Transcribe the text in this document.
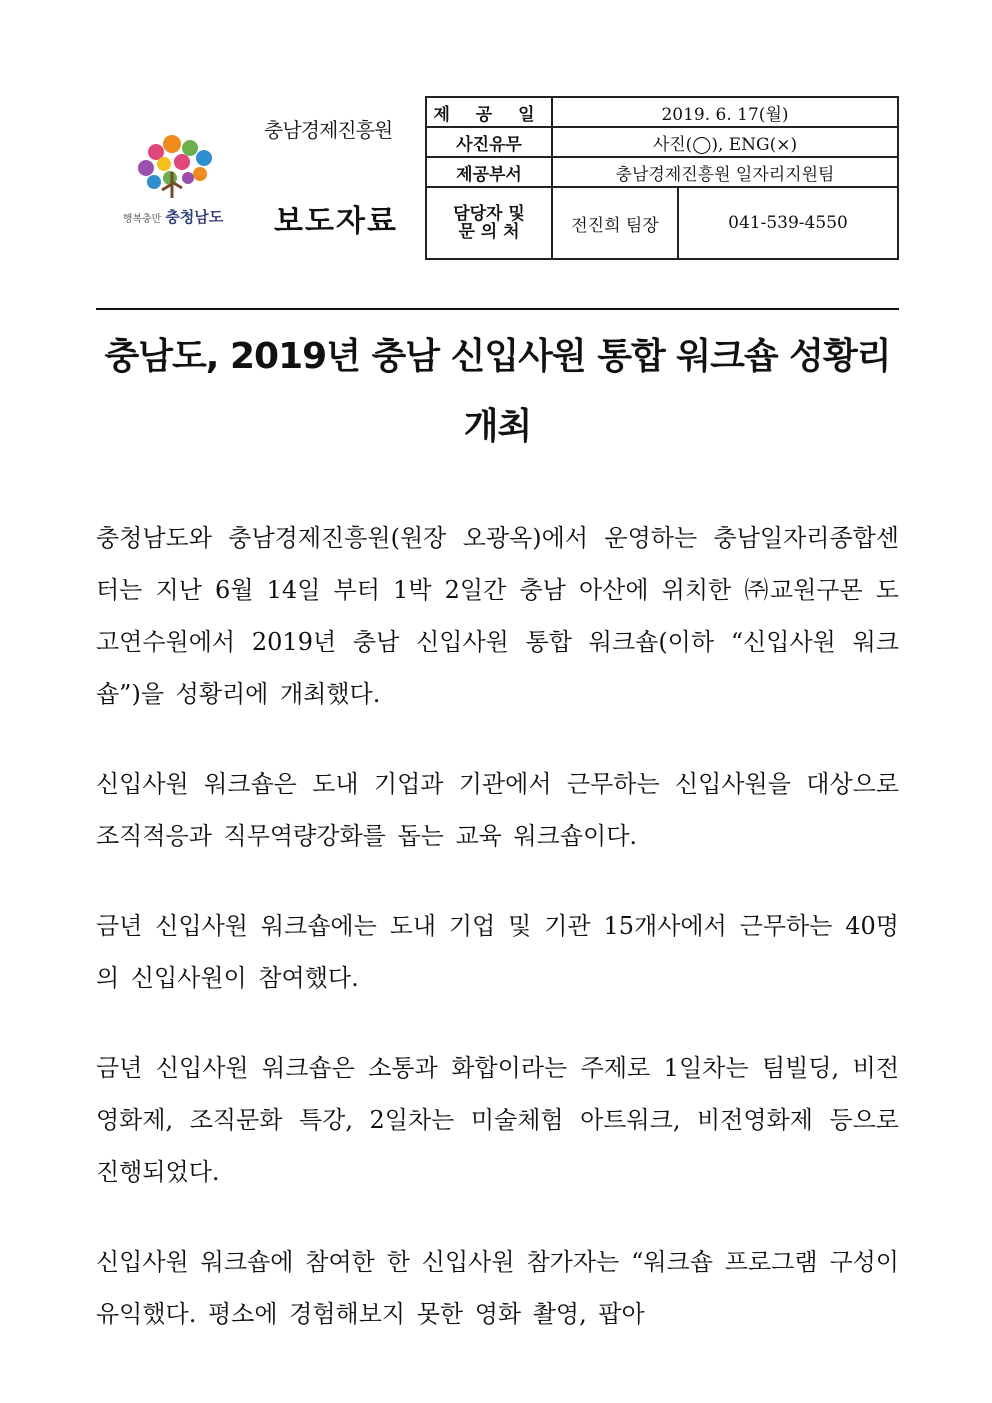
행복충만 충청남도
충남경제진흥원
보도자료
제 공 일	2019. 6. 17(월)	
사진유무	사진(◯), ENG(×)	
제공부서	충남경제진흥원 일자리지원팀	

담당자 및
문 의 처	전진희 팀장	041-539-4550
충남도, 2019년 충남 신입사원 통합 워크숍 성황리 개최

충청남도와 충남경제진흥원(원장 오광옥)에서 운영하는 충남일자리종합센터는 지난 6월 14일 부터 1박 2일간 충남 아산에 위치한 ㈜교원구몬 도고연수원에서 2019년 충남 신입사원 통합 워크숍(이하 “신입사원 워크숍”)을 성황리에 개최했다.

신입사원 워크숍은 도내 기업과 기관에서 근무하는 신입사원을 대상으로 조직적응과 직무역량강화를 돕는 교육 워크숍이다.

금년 신입사원 워크숍에는 도내 기업 및 기관 15개사에서 근무하는 40명의 신입사원이 참여했다.

금년 신입사원 워크숍은 소통과 화합이라는 주제로 1일차는 팀빌딩, 비전영화제, 조직문화 특강, 2일차는 미술체험 아트워크, 비전영화제 등으로 진행되었다.

신입사원 워크숍에 참여한 한 신입사원 참가자는 “워크숍 프로그램 구성이 유익했다. 평소에 경험해보지 못한 영화 촬영, 팝아
